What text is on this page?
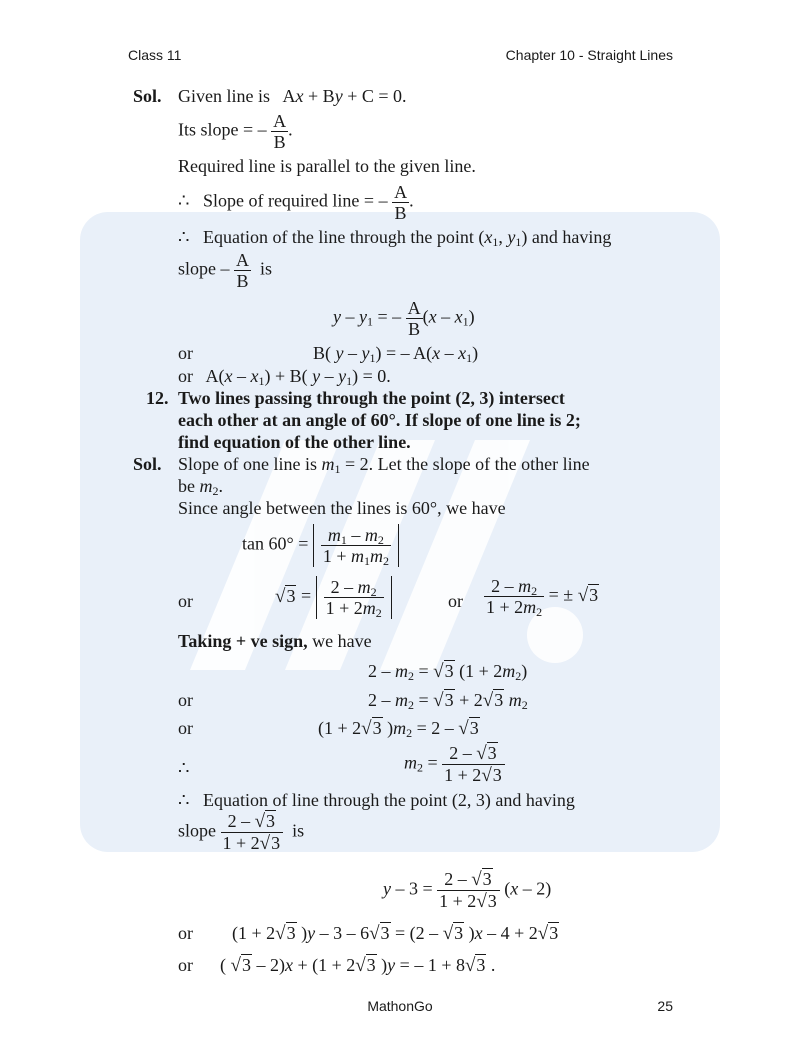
Class 11	Chapter 10 - Straight Lines
Sol. Given line is   Ax + By + C = 0.
Its slope = – $\frac{A}{B}$ .
Required line is parallel to the given line.
∴ Slope of required line = – $\frac{A}{B}$ .
∴ Equation of the line through the point ($x_1$, $y_1$) and having
slope – $\frac{A}{B}$ is
y – $y_1$ = – $\frac{A}{B} (x - x_1)$
or	B( y – $y_1$) = – $A(x - x_1)$
or   $A(x - x_1) + B$( $y - y_1) = 0$.
12. Two lines passing through the point (2, 3) intersect
each other at an angle of 60°. If slope of one line is 2;
find equation of the other line.
Sol. Slope of one line is $m_1 = 2$. Let the slope of the other line
be $m_2$.
Since angle between the lines is 60°, we have
$\tan 60^\circ = \frac{m_1 - m_2}{1 + m_1m_2}$
or	$√3 = \frac{2 - m_2}{1 + 2m_2}$	or $\frac{2 - m_2}{1 + 2m_2}$ = ± √3
Taking + ve sign, we have
$2 - m_2 = √3$ $(1 + 2m_2)$
or	$2 - m_2 = √3 + 2√3$ $m_2$
or	(1 + 2√3 )$m_2 = 2 - √3$
∴	$m_2 = \frac{2 - √3}{1 + 2√3}$
∴ Equation of line through the point (2, 3) and having
slope $\frac{2 - √3}{1 + 2√3}$ is
$y - 3 = \frac{2 - √3}{1 + 2√3} (x - 2)$
or (1 + 2√3 )y – 3 – 6√3 = (2 – √3 )x – 4 + 2√3
or ( √3 – 2)x + (1 + 2√3 )y = – 1 + 8√3 .
MathonGo	25
